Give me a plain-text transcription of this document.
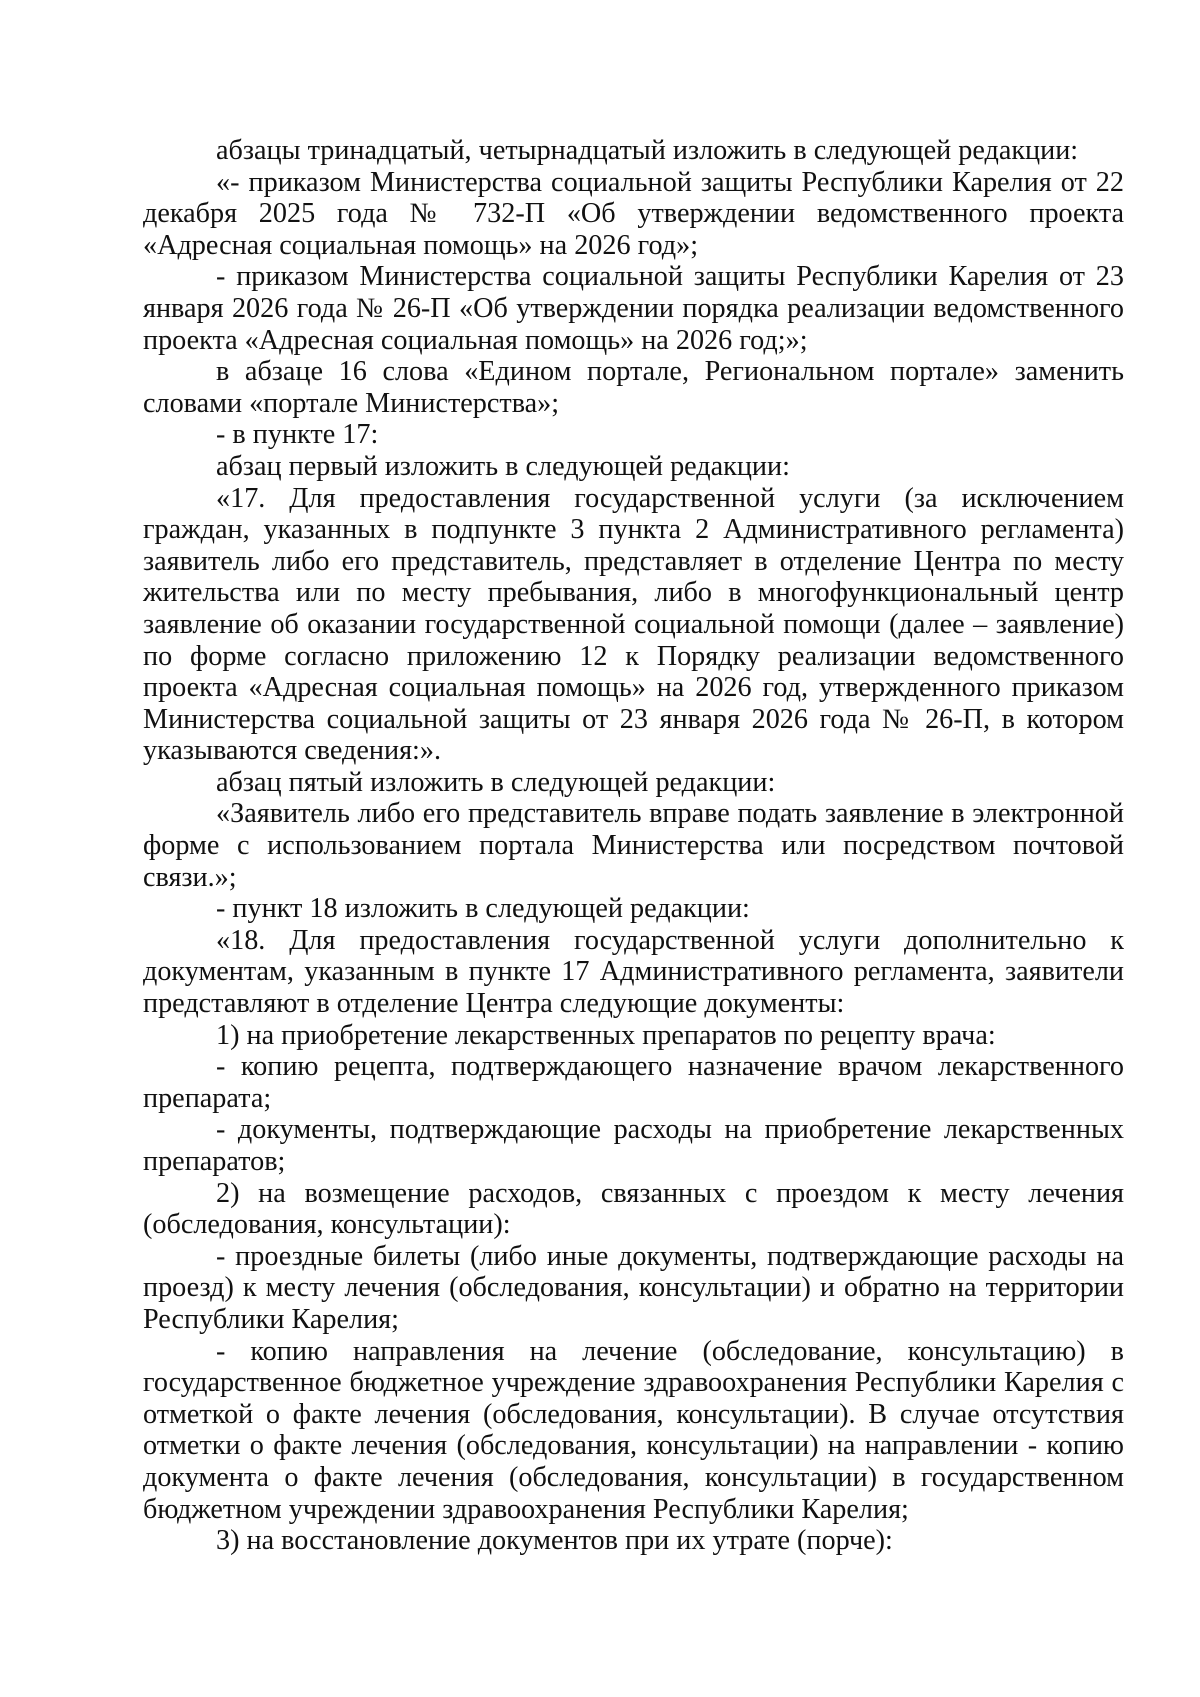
абзацы тринадцатый, четырнадцатый изложить в следующей редакции:

«- приказом Министерства социальной защиты Республики Карелия от 22 декабря 2025 года № 732-П «Об утверждении ведомственного проекта «Адресная социальная помощь» на 2026 год»;

- приказом Министерства социальной защиты Республики Карелия от 23 января 2026 года № 26-П «Об утверждении порядка реализации ведомственного проекта «Адресная социальная помощь» на 2026 год;»;

в абзаце 16 слова «Едином портале, Региональном портале» заменить словами «портале Министерства»;

- в пункте 17:

абзац первый изложить в следующей редакции:

«17. Для предоставления государственной услуги (за исключением граждан, указанных в подпункте 3 пункта 2 Административного регламента) заявитель либо его представитель, представляет в отделение Центра по месту жительства или по месту пребывания, либо в многофункциональный центр заявление об оказании государственной социальной помощи (далее – заявление) по форме согласно приложению 12 к Порядку реализации ведомственного проекта «Адресная социальная помощь» на 2026 год, утвержденного приказом Министерства социальной защиты от 23 января 2026 года № 26-П, в котором указываются сведения:».

абзац пятый изложить в следующей редакции:

«Заявитель либо его представитель вправе подать заявление в электронной форме с использованием портала Министерства или посредством почтовой связи.»;

- пункт 18 изложить в следующей редакции:

«18. Для предоставления государственной услуги дополнительно к документам, указанным в пункте 17 Административного регламента, заявители представляют в отделение Центра следующие документы:

1) на приобретение лекарственных препаратов по рецепту врача:

- копию рецепта, подтверждающего назначение врачом лекарственного препарата;

- документы, подтверждающие расходы на приобретение лекарственных препаратов;

2) на возмещение расходов, связанных с проездом к месту лечения (обследования, консультации):

- проездные билеты (либо иные документы, подтверждающие расходы на проезд) к месту лечения (обследования, консультации) и обратно на территории Республики Карелия;

- копию направления на лечение (обследование, консультацию) в государственное бюджетное учреждение здравоохранения Республики Карелия с отметкой о факте лечения (обследования, консультации). В случае отсутствия отметки о факте лечения (обследования, консультации) на направлении - копию документа о факте лечения (обследования, консультации) в государственном бюджетном учреждении здравоохранения Республики Карелия;

3) на восстановление документов при их утрате (порче):
